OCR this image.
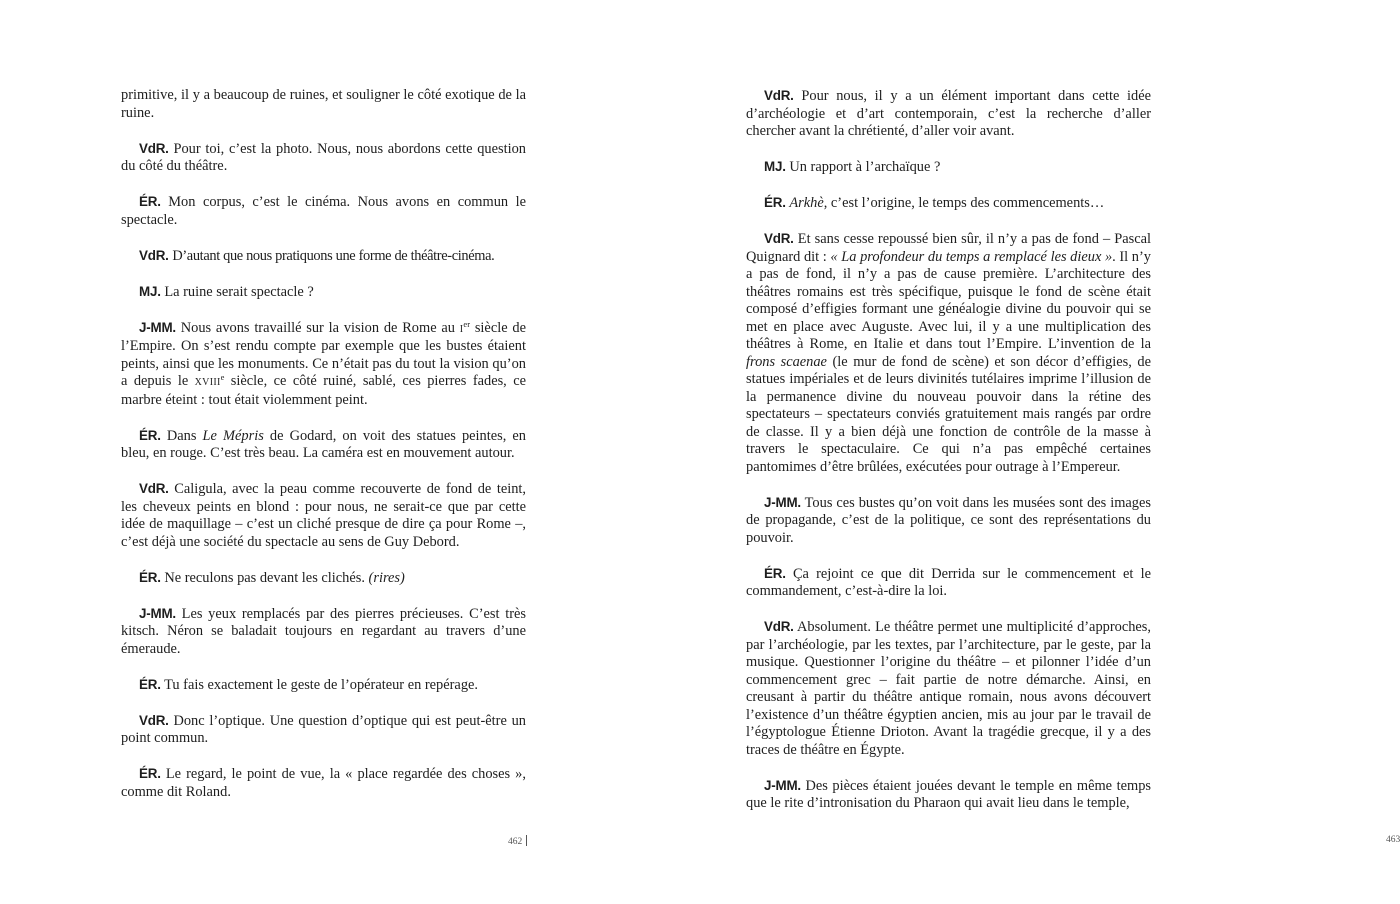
primitive, il y a beaucoup de ruines, et souligner le côté exotique de la ruine.

VdR. Pour toi, c’est la photo. Nous, nous abordons cette question du côté du théâtre.

ÉR. Mon corpus, c’est le cinéma. Nous avons en commun le spectacle.

VdR. D’autant que nous pratiquons une forme de théâtre-cinéma.

MJ. La ruine serait spectacle ?

J-MM. Nous avons travaillé sur la vision de Rome au Ier siècle de l’Empire. On s’est rendu compte par exemple que les bustes étaient peints, ainsi que les monuments. Ce n’était pas du tout la vision qu’on a depuis le XVIIIe siècle, ce côté ruiné, sablé, ces pierres fades, ce marbre éteint : tout était violemment peint.

ÉR. Dans Le Mépris de Godard, on voit des statues peintes, en bleu, en rouge. C’est très beau. La caméra est en mouvement autour.

VdR. Caligula, avec la peau comme recouverte de fond de teint, les cheveux peints en blond : pour nous, ne serait-ce que par cette idée de maquillage – c’est un cliché presque de dire ça pour Rome –, c’est déjà une société du spectacle au sens de Guy Debord.

ÉR. Ne reculons pas devant les clichés. (rires)

J-MM. Les yeux remplacés par des pierres précieuses. C’est très kitsch. Néron se baladait toujours en regardant au travers d’une émeraude.

ÉR. Tu fais exactement le geste de l’opérateur en repérage.

VdR. Donc l’optique. Une question d’optique qui est peut-être un point commun.

ÉR. Le regard, le point de vue, la « place regardée des choses », comme dit Roland.

462

VdR. Pour nous, il y a un élément important dans cette idée d’archéologie et d’art contemporain, c’est la recherche d’aller chercher avant la chrétienté, d’aller voir avant.

MJ. Un rapport à l’archaïque ?

ÉR. Arkhè, c’est l’origine, le temps des commencements…

VdR. Et sans cesse repoussé bien sûr, il n’y a pas de fond – Pascal Quignard dit : « La profondeur du temps a remplacé les dieux ». Il n’y a pas de fond, il n’y a pas de cause première. L’architecture des théâtres romains est très spécifique, puisque le fond de scène était composé d’effigies formant une généalogie divine du pouvoir qui se met en place avec Auguste. Avec lui, il y a une multiplication des théâtres à Rome, en Italie et dans tout l’Empire. L’invention de la frons scaenae (le mur de fond de scène) et son décor d’effigies, de statues impériales et de leurs divinités tutélaires imprime l’illusion de la permanence divine du nouveau pouvoir dans la rétine des spectateurs – spectateurs conviés gratuitement mais rangés par ordre de classe. Il y a bien déjà une fonction de contrôle de la masse à travers le spectaculaire. Ce qui n’a pas empêché certaines pantomimes d’être brûlées, exécutées pour outrage à l’Empereur.

J-MM. Tous ces bustes qu’on voit dans les musées sont des images de propagande, c’est de la politique, ce sont des représentations du pouvoir.

ÉR. Ça rejoint ce que dit Derrida sur le commencement et le commandement, c’est-à-dire la loi.

VdR. Absolument. Le théâtre permet une multiplicité d’approches, par l’archéologie, par les textes, par l’architecture, par le geste, par la musique. Questionner l’origine du théâtre – et pilonner l’idée d’un commencement grec – fait partie de notre démarche. Ainsi, en creusant à partir du théâtre antique romain, nous avons découvert l’existence d’un théâtre égyptien ancien, mis au jour par le travail de l’égyptologue Étienne Drioton. Avant la tragédie grecque, il y a des traces de théâtre en Égypte.

J-MM. Des pièces étaient jouées devant le temple en même temps que le rite d’intronisation du Pharaon qui avait lieu dans le temple,

463
